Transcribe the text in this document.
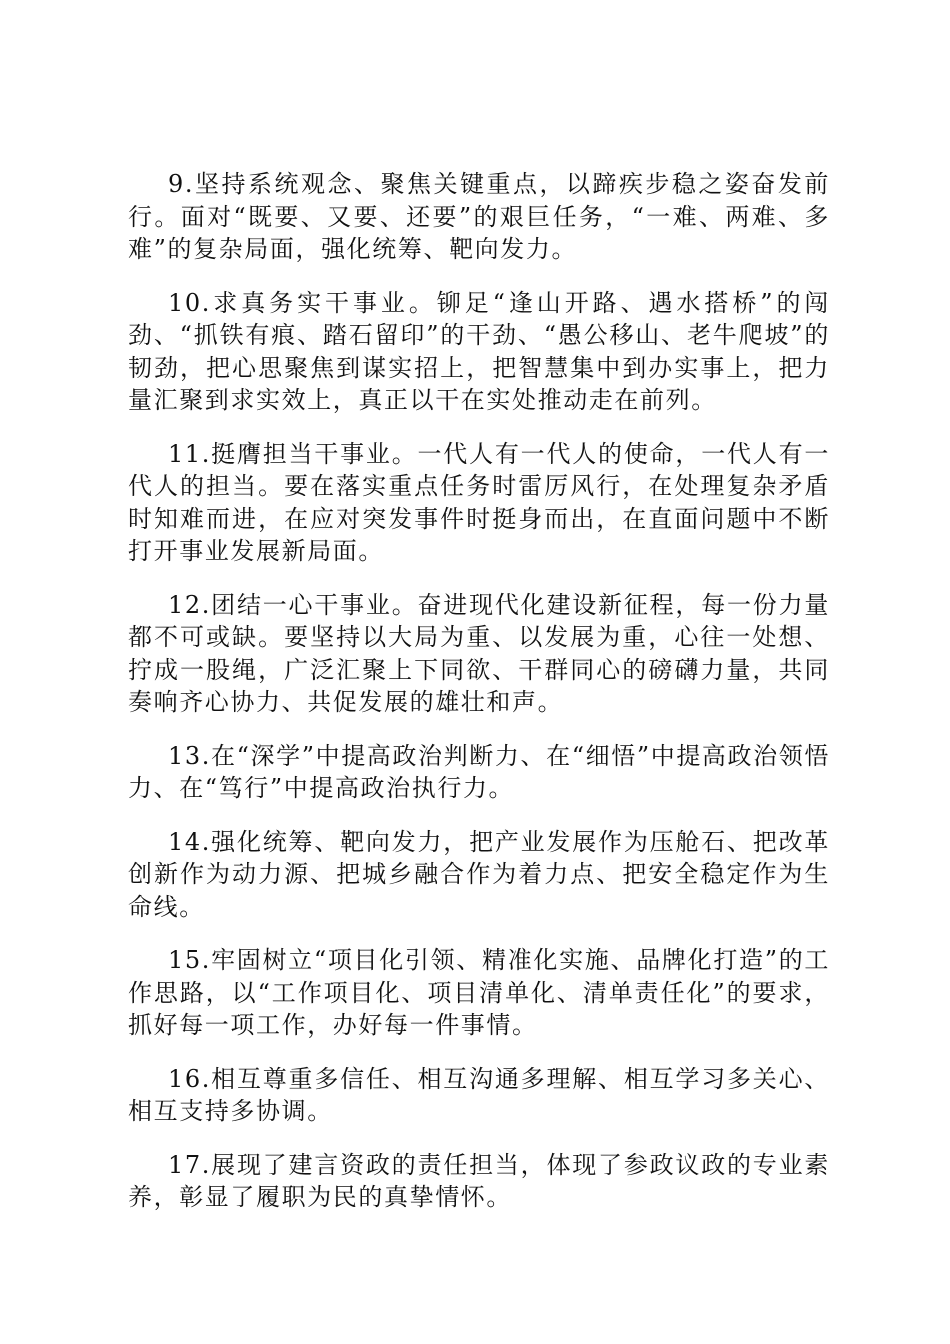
9.坚持系统观念、聚焦关键重点，以蹄疾步稳之姿奋发前行。面对“既要、又要、还要”的艰巨任务，“一难、两难、多难”的复杂局面，强化统筹、靶向发力。

10.求真务实干事业。铆足“逢山开路、遇水搭桥”的闯劲、“抓铁有痕、踏石留印”的干劲、“愚公移山、老牛爬坡”的韧劲，把心思聚焦到谋实招上，把智慧集中到办实事上，把力量汇聚到求实效上，真正以干在实处推动走在前列。

11.挺膺担当干事业。一代人有一代人的使命，一代人有一代人的担当。要在落实重点任务时雷厉风行，在处理复杂矛盾时知难而进，在应对突发事件时挺身而出，在直面问题中不断打开事业发展新局面。

12.团结一心干事业。奋进现代化建设新征程，每一份力量都不可或缺。要坚持以大局为重、以发展为重，心往一处想、拧成一股绳，广泛汇聚上下同欲、干群同心的磅礴力量，共同奏响齐心协力、共促发展的雄壮和声。

13.在“深学”中提高政治判断力、在“细悟”中提高政治领悟力、在“笃行”中提高政治执行力。

14.强化统筹、靶向发力，把产业发展作为压舱石、把改革创新作为动力源、把城乡融合作为着力点、把安全稳定作为生命线。

15.牢固树立“项目化引领、精准化实施、品牌化打造”的工作思路，以“工作项目化、项目清单化、清单责任化”的要求，抓好每一项工作，办好每一件事情。

16.相互尊重多信任、相互沟通多理解、相互学习多关心、相互支持多协调。

17.展现了建言资政的责任担当，体现了参政议政的专业素养，彰显了履职为民的真挚情怀。
